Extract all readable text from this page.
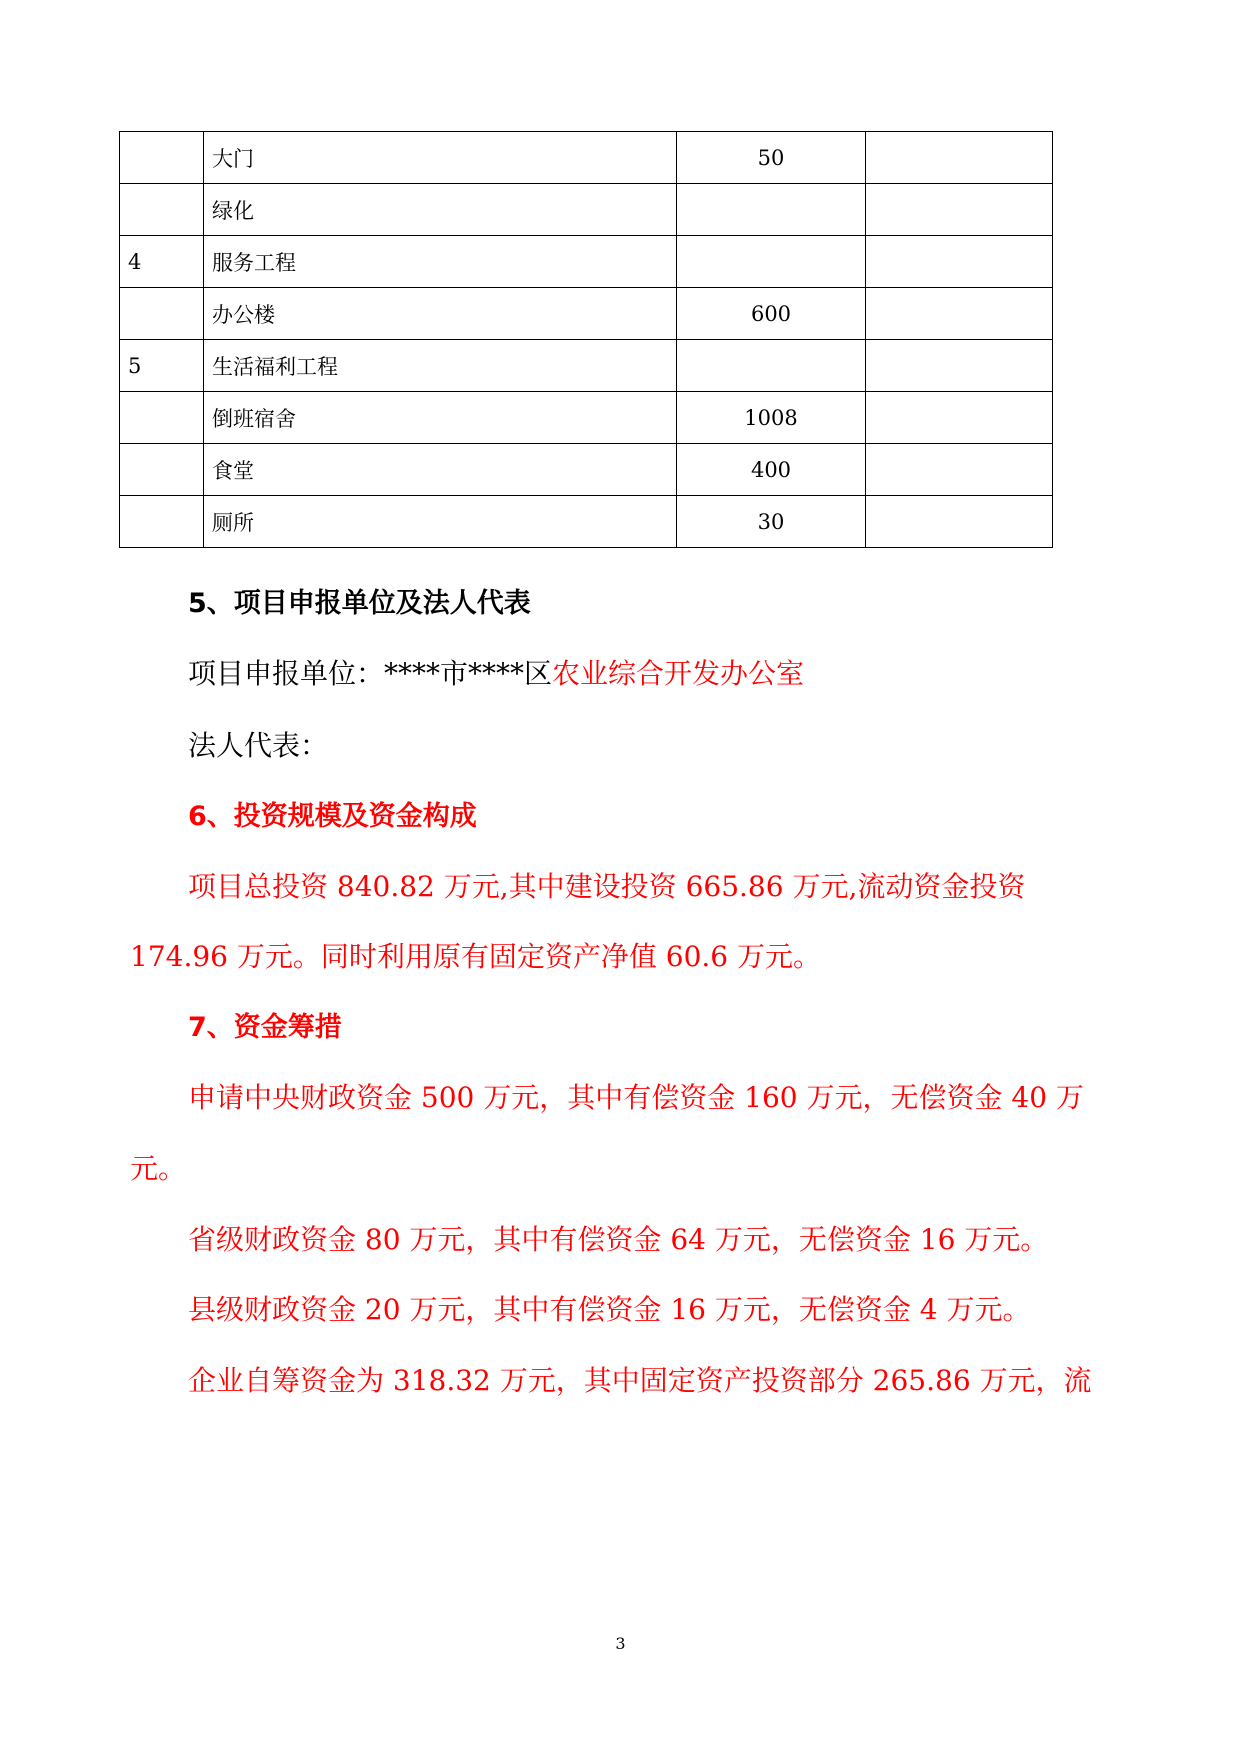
	大门	50	
	绿化		
4	服务工程		
	办公楼	600	
5	生活福利工程		
	倒班宿舍	1008	
	食堂	400	
	厕所	30	

5、项目申报单位及法人代表

项目申报单位：****市****区农业综合开发办公室

法人代表：

6、投资规模及资金构成

项目总投资 840.82 万元,其中建设投资 665.86 万元,流动资金投资

174.96 万元。同时利用原有固定资产净值 60.6 万元。

7、资金筹措

申请中央财政资金 500 万元，其中有偿资金 160 万元，无偿资金 40 万

元。

省级财政资金 80 万元，其中有偿资金 64 万元，无偿资金 16 万元。

县级财政资金 20 万元，其中有偿资金 16 万元，无偿资金 4 万元。

企业自筹资金为 318.32 万元，其中固定资产投资部分 265.86 万元，流

3
